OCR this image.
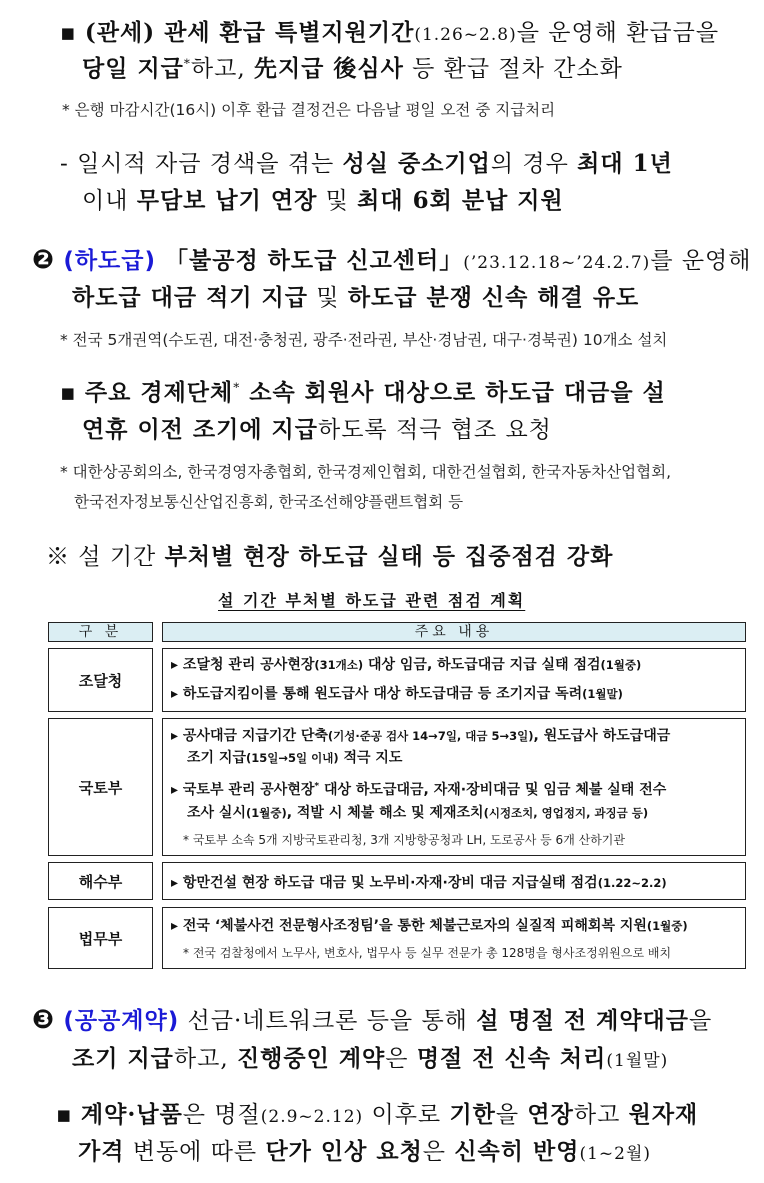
▪ (관세) 관세 환급 특별지원기간(1.26~2.8)을 운영해 환급금을
당일 지급*하고, 先지급 後심사 등 환급 절차 간소화
* 은행 마감시간(16시) 이후 환급 결정건은 다음날 평일 오전 중 지급처리
- 일시적 자금 경색을 겪는 성실 중소기업의 경우 최대 1년
이내 무담보 납기 연장 및 최대 6회 분납 지원
❷ (하도급) 「불공정 하도급 신고센터」(’23.12.18~’24.2.7)를 운영해
하도급 대금 적기 지급 및 하도급 분쟁 신속 해결 유도
* 전국 5개권역(수도권, 대전·충청권, 광주·전라권, 부산·경남권, 대구·경북권) 10개소 설치
▪ 주요 경제단체* 소속 회원사 대상으로 하도급 대금을 설
연휴 이전 조기에 지급하도록 적극 협조 요청
* 대한상공회의소, 한국경영자총협회, 한국경제인협회, 대한건설협회, 한국자동차산업협회,
한국전자정보통신산업진흥회, 한국조선해양플랜트협회 등
※ 설 기간 부처별 현장 하도급 실태 등 집중점검 강화
설 기간 부처별 하도급 관련 점검 계획
구 분	주요 내용
조달청
▸ 조달청 관리 공사현장(31개소) 대상 임금, 하도급대금 지급 실태 점검(1월중)
▸ 하도급지킴이를 통해 원도급사 대상 하도급대금 등 조기지급 독려(1월말)
국토부
▸ 공사대금 지급기간 단축(기성·준공 검사 14→7일, 대금 5→3일), 원도급사 하도급대금
조기 지급(15일→5일 이내) 적극 지도
▸ 국토부 관리 공사현장* 대상 하도급대금, 자재·장비대금 및 임금 체불 실태 전수
조사 실시(1월중), 적발 시 체불 해소 및 제재조치(시정조치, 영업정지, 과징금 등)
* 국토부 소속 5개 지방국토관리청, 3개 지방항공청과 LH, 도로공사 등 6개 산하기관
해수부	▸ 항만건설 현장 하도급 대금 및 노무비·자재·장비 대금 지급실태 점검(1.22~2.2)
법무부
▸ 전국 ‘체불사건 전문형사조정팀’을 통한 체불근로자의 실질적 피해회복 지원(1월중)
* 전국 검찰청에서 노무사, 변호사, 법무사 등 실무 전문가 총 128명을 형사조정위원으로 배치
❸ (공공계약) 선금·네트워크론 등을 통해 설 명절 전 계약대금을
조기 지급하고, 진행중인 계약은 명절 전 신속 처리(1월말)
▪ 계약·납품은 명절(2.9~2.12) 이후로 기한을 연장하고 원자재
가격 변동에 따른 단가 인상 요청은 신속히 반영(1~2월)
